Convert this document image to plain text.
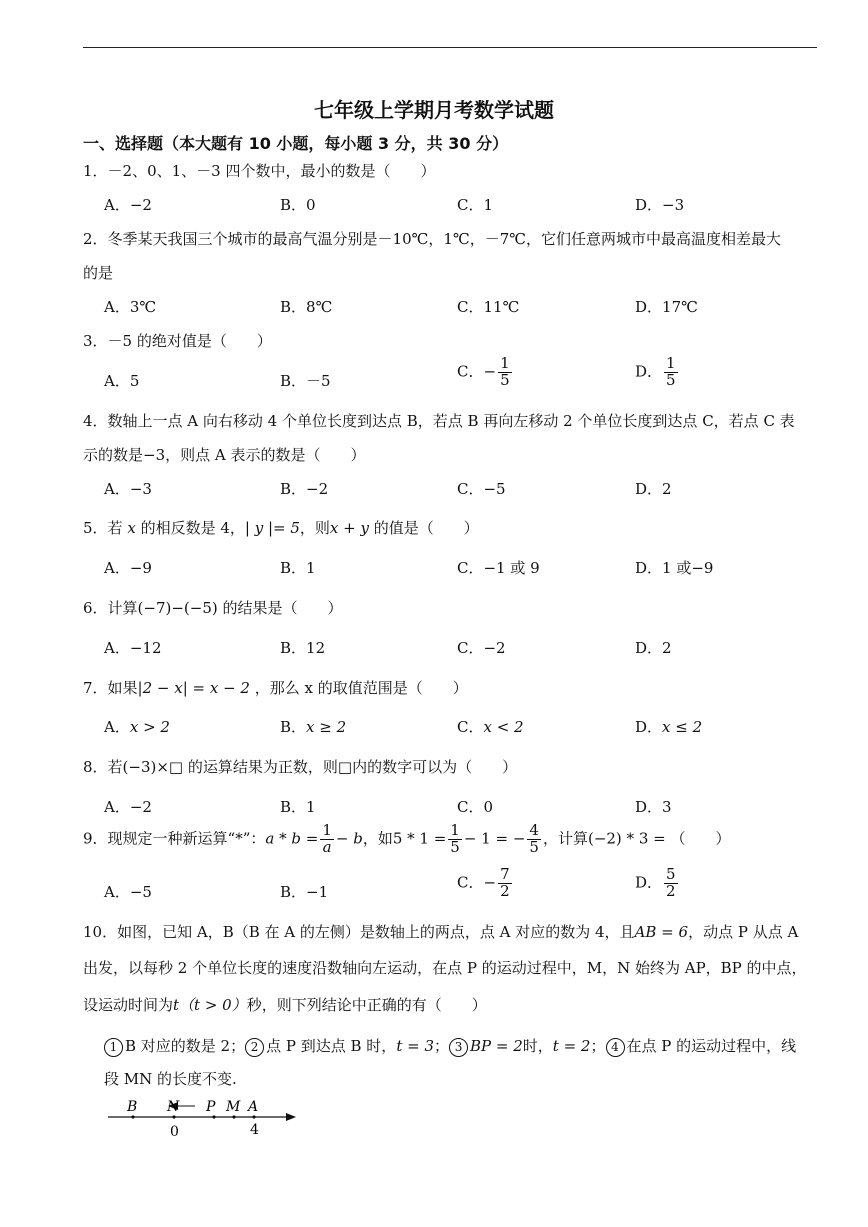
七年级上学期月考数学试题
一、选择题（本大题有 10 小题，每小题 3 分，共 30 分）
1．－2、0、1、－3 四个数中，最小的数是（　　）
A．−2	B．0	C．1	D．−3
2．冬季某天我国三个城市的最高气温分别是－10℃，1℃，－7℃，它们任意两城市中最高温度相差最大
的是
A．3℃	B．8℃	C．11℃	D．17℃
3．－5 的绝对值是（　　）
A．5	B．－5
C．− $\frac{1}{5}$	D． $\frac{1}{5}$
4．数轴上一点 A 向右移动 4 个单位长度到达点 B，若点 B 再向左移动 2 个单位长度到达点 C，若点 C 表
示的数是−3，则点 A 表示的数是（　　）
A．−3	B．−2	C．−5	D．2
5．若 x 的相反数是 4，| y |= 5，则x + y 的值是（　　）
A．−9	B．1	C．−1 或 9	D．1 或−9
6．计算(−7)−(−5) 的结果是（　　）
A．−12	B．12	C．−2	D．2
7．如果|2 − x| = x − 2 ，那么 x 的取值范围是（　　）
A．x > 2	B．x ≥ 2	C．x < 2	D．x ≤ 2
8．若(−3)×□ 的运算结果为正数，则□内的数字可以为（　　）
A．−2	B．1	C．0	D．3
9．现规定一种新运算“*”：$a * b = \frac{1}{a} - b$，如$5 * 1 = \frac{1}{5} - 1$ = − $\frac{4}{5}$ ，计算(−2) * 3 = （　　）
A．−5	B．−1
C．− $\frac{7}{2}$	D． $\frac{5}{2}$
10．如图，已知 A，B（B 在 A 的左侧）是数轴上的两点，点 A 对应的数为 4，且AB = 6，动点 P 从点 A
出发，以每秒 2 个单位长度的速度沿数轴向左运动，在点 P 的运动过程中，M，N 始终为 AP，BP 的中点，
设运动时间为t（t > 0）秒，则下列结论中正确的有（　　）
1 B 对应的数是 2； 2 点 P 到达点 B 时，t = 3； 3 BP = 2时，t = 2； 4 在点 P 的运动过程中，线
段 MN 的长度不变.
B N P M A
0	4
